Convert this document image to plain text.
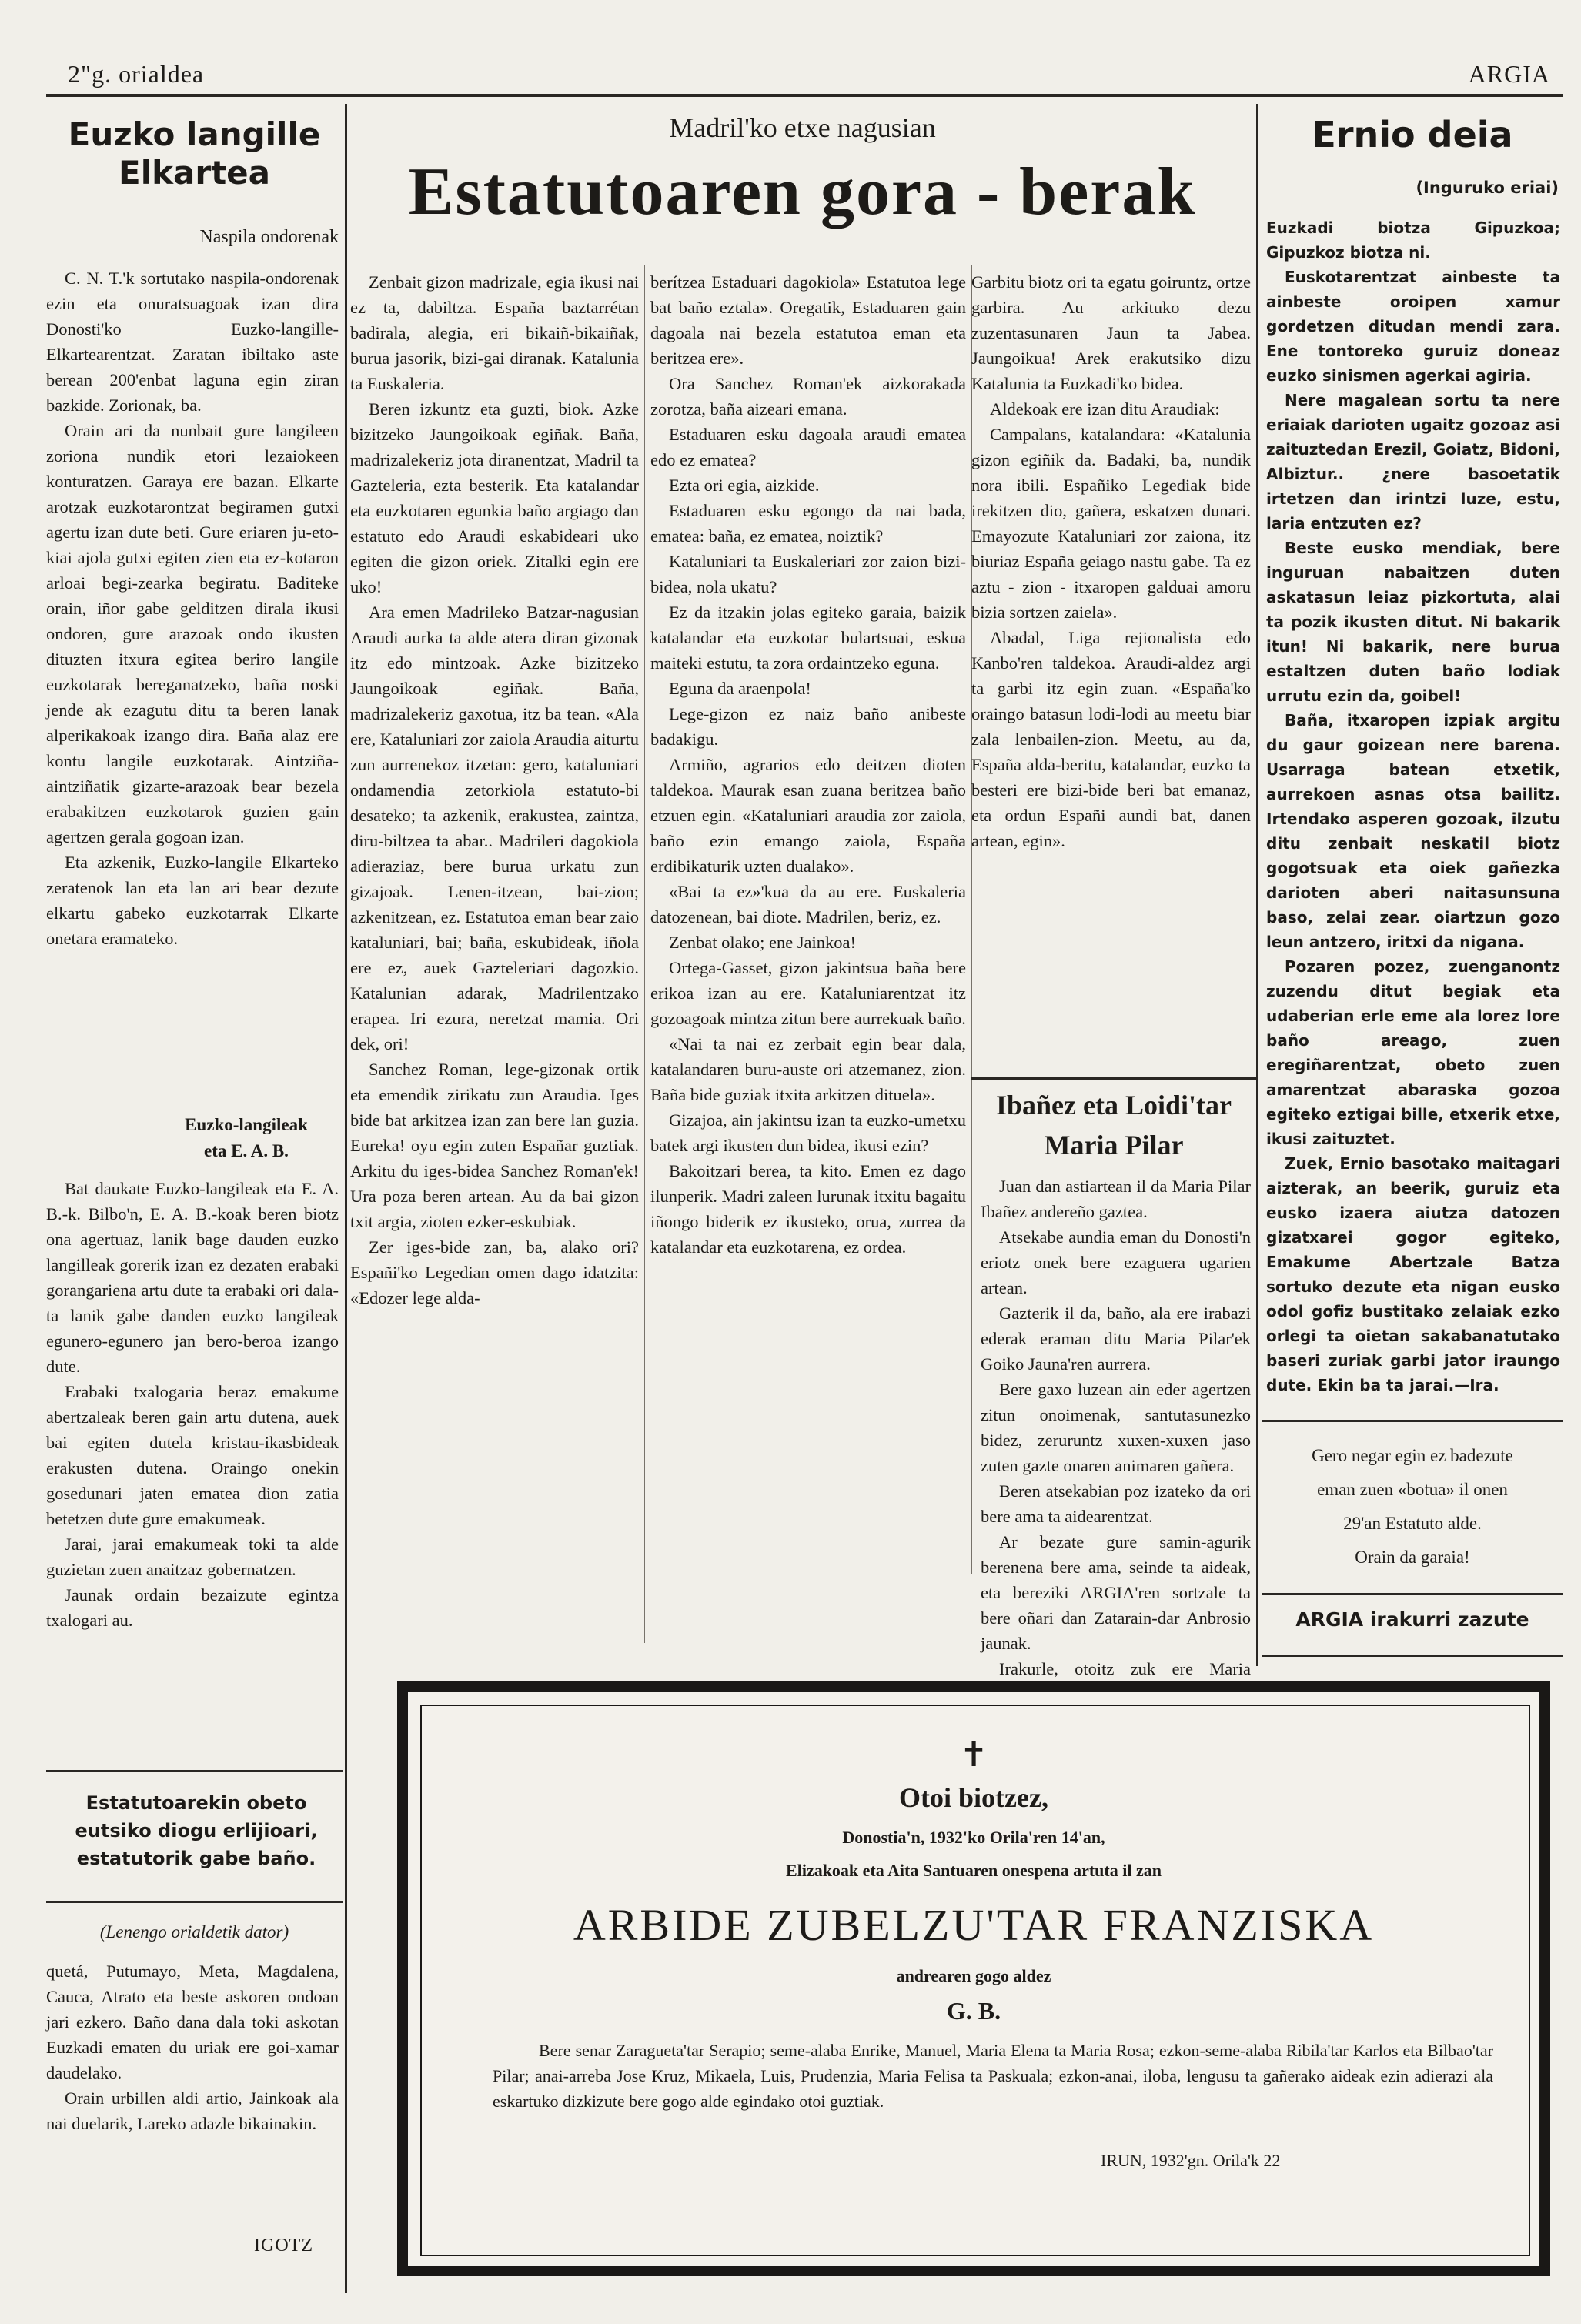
2"g. orialdea	ARGIA
Euzko langille
Elkartea
Naspila ondorenak

C. N. T.'k sortutako naspila-ondorenak ezin eta onuratsuagoak izan dira Donosti'ko Euzko-langille-Elkartearentzat. Zaratan ibiltako aste berean 200'enbat laguna egin ziran bazkide. Zorionak, ba.

Orain ari da nunbait gure langileen zoriona nundik etori lezaiokeen konturatzen. Garaya ere bazan. Elkarte arotzak euzkotarontzat begiramen gutxi agertu izan dute beti. Gure eriaren ju-eto-kiai ajola gutxi egiten zien eta ez-kotaron arloai begi-zearka begiratu. Baditeke orain, iñor gabe gelditzen dirala ikusi ondoren, gure arazoak ondo ikusten dituzten itxura egitea beriro langile euzkotarak bereganatzeko, baña noski jende ak ezagutu ditu ta beren lanak alperikakoak izango dira. Baña alaz ere kontu langile euzkotarak. Aintziña-aintziñatik gizarte-arazoak bear bezela erabakitzen euzkotarok guzien gain agertzen gerala gogoan izan.

Eta azkenik, Euzko-langile Elkarteko zeratenok lan eta lan ari bear dezute elkartu gabeko euzkotarrak Elkarte onetara eramateko.

Euzko-langileak
eta E. A. B.

Bat daukate Euzko-langileak eta E. A. B.-k. Bilbo'n, E. A. B.-koak beren biotz ona agertuaz, lanik bage dauden euzko langilleak gorerik izan ez dezaten erabaki gorangariena artu dute ta erabaki ori dala-ta lanik gabe danden euzko langileak egunero-egunero jan bero-beroa izango dute.

Erabaki txalogaria beraz emakume abertzaleak beren gain artu dutena, auek bai egiten dutela kristau-ikasbideak erakusten dutena. Oraingo onekin gosedunari jaten ematea dion zatia betetzen dute gure emakumeak.

Jarai, jarai emakumeak toki ta alde guzietan zuen anaitzaz gobernatzen.

Jaunak ordain bezaizute egintza txalogari au.

Estatutoarekin obeto eutsiko diogu erlijioari, estatutorik gabe baño.
(Lenengo orialdetik dator)

quetá, Putumayo, Meta, Magdalena, Cauca, Atrato eta beste askoren ondoan jari ezkero. Baño dana dala toki askotan Euzkadi ematen du uriak ere goi-xamar daudelako.

Orain urbillen aldi artio, Jainkoak ala nai duelarik, Lareko adazle bikainakin.

IGOTZ
Madril'ko etxe nagusian
Estatutoaren gora - berak

Zenbait gizon madrizale, egia ikusi nai ez ta, dabiltza. España baztarrétan badirala, alegia, eri bikaiñ-bikaiñak, burua jasorik, bizi-gai diranak. Katalunia ta Euskaleria.

Beren izkuntz eta guzti, biok. Azke bizitzeko Jaungoikoak egiñak. Baña, madrizalekeriz jota diranentzat, Madril ta Gazteleria, ezta besterik. Eta katalandar eta euzkotaren egunkia baño argiago dan estatuto edo Araudi eskabideari uko egiten die gizon oriek. Zitalki egin ere uko!

Ara emen Madrileko Batzar-nagusian Araudi aurka ta alde atera diran gizonak itz edo mintzoak. Azke bizitzeko Jaungoikoak egiñak. Baña, madrizalekeriz gaxotua, itz ba tean. «Ala ere, Kataluniari zor zaiola Araudia aiturtu zun aurrenekoz itzetan: gero, kataluniari ondamendia zetorkiola estatuto-bi desateko; ta azkenik, erakustea, zaintza, diru-biltzea ta abar.. Madrileri dagokiola adieraziaz, bere burua urkatu zun gizajoak. Lenen-itzean, bai-zion; azkenitzean, ez. Estatutoa eman bear zaio kataluniari, bai; baña, eskubideak, iñola ere ez, auek Gazteleriari dagozkio. Katalunian adarak, Madrilentzako erapea. Iri ezura, neretzat mamia. Ori dek, ori!

Sanchez Roman, lege-gizonak ortik eta emendik zirikatu zun Araudia. Iges bide bat arkitzea izan zan bere lan guzia. Eureka! oyu egin zuten Españar guztiak. Arkitu du iges-bidea Sanchez Roman'ek! Ura poza beren artean. Au da bai gizon txit argia, zioten ezker-eskubiak.

Zer iges-bide zan, ba, alako ori? Españi'ko Legedian omen dago idatzita: «Edozer lege alda-

berítzea Estaduari dagokiola» Estatutoa lege bat baño eztala». Oregatik, Estaduaren gain dagoala nai bezela estatutoa eman eta beritzea ere».

Ora Sanchez Roman'ek aizkorakada zorotza, baña aizeari emana.

Estaduaren esku dagoala araudi ematea edo ez ematea?

Ezta ori egia, aizkide.

Estaduaren esku egongo da nai bada, ematea: baña, ez ematea, noiztik?

Kataluniari ta Euskaleriari zor zaion bizi-bidea, nola ukatu?

Ez da itzakin jolas egiteko garaia, baizik katalandar eta euzkotar bulartsuai, eskua maiteki estutu, ta zora ordaintzeko eguna.

Eguna da araenpola!

Lege-gizon ez naiz baño anibeste badakigu.

Armiño, agrarios edo deitzen dioten taldekoa. Maurak esan zuana beritzea baño etzuen egin. «Kataluniari araudia zor zaiola, baño ezin emango zaiola, España erdibikaturik uzten dualako».

«Bai ta ez»'kua da au ere. Euskaleria datozenean, bai diote. Madrilen, beriz, ez.

Zenbat olako; ene Jainkoa!

Ortega-Gasset, gizon jakintsua baña bere erikoa izan au ere. Kataluniarentzat itz gozoagoak mintza zitun bere aurrekuak baño.

«Nai ta nai ez zerbait egin bear dala, katalandaren buru-auste ori atzemanez, zion. Baña bide guziak itxita arkitzen dituela».

Gizajoa, ain jakintsu izan ta euzko-umetxu batek argi ikusten dun bidea, ikusi ezin?

Bakoitzari berea, ta kito. Emen ez dago ilunperik. Madri zaleen lurunak itxitu bagaitu iñongo biderik ez ikusteko, orua, zurrea da katalandar eta euzkotarena, ez ordea.

Garbitu biotz ori ta egatu goiruntz, ortze garbira. Au arkituko dezu zuzentasunaren Jaun ta Jabea. Jaungoikua! Arek erakutsiko dizu Katalunia ta Euzkadi'ko bidea.

Aldekoak ere izan ditu Araudiak:

Campalans, katalandara: «Katalunia gizon egiñik da. Badaki, ba, nundik nora ibili. Españiko Legediak bide irekitzen dio, gañera, eskatzen dunari. Emayozute Kataluniari zor zaiona, itz biuriaz España geiago nastu gabe. Ta ez aztu - zion - itxaropen galduai amoru bizia sortzen zaiela».

Abadal, Liga rejionalista edo Kanbo'ren taldekoa. Araudi-aldez argi ta garbi itz egin zuan. «España'ko oraingo batasun lodi-lodi au meetu biar zala lenbailen-zion. Meetu, au da, España alda-beritu, katalandar, euzko ta besteri ere bizi-bide beri bat emanaz, eta ordun Españi aundi bat, danen artean, egin».

Ibañez eta Loidi'tar
Maria Pilar

Juan dan astiartean il da Maria Pilar Ibañez andereño gaztea.

Atsekabe aundia eman du Donosti'n eriotz onek bere ezaguera ugarien artean.

Gazterik il da, baño, ala ere irabazi ederak eraman ditu Maria Pilar'ek Goiko Jauna'ren aurrera.

Bere gaxo luzean ain eder agertzen zitun onoimenak, santutasunezko bidez, zeruruntz xuxen-xuxen jaso zuten gazte onaren animaren gañera.

Beren atsekabian poz izateko da ori bere ama ta aidearentzat.

Ar bezate gure samin-agurik berenena bere ama, seinde ta aideak, eta bereziki ARGIA'ren sortzale ta bere oñari dan Zatarain-dar Anbrosio jaunak.

Irakurle, otoitz zuk ere Maria

Ernio deia
(Inguruko eriai)

Euzkadi biotza Gipuzkoa; Gipuzkoz biotza ni.

Euskotarentzat ainbeste ta ainbeste oroipen xamur gordetzen ditudan mendi zara. Ene tontoreko guruiz doneaz euzko sinismen agerkai agiria.

Nere magalean sortu ta nere eriaiak darioten ugaitz gozoaz asi zaituztedan Erezil, Goiatz, Bidoni, Albiztur.. ¿nere basoetatik irtetzen dan irintzi luze, estu, laria entzuten ez?

Beste eusko mendiak, bere inguruan nabaitzen duten askatasun leiaz pizkortuta, alai ta pozik ikusten ditut. Ni bakarik itun! Ni bakarik, nere burua estaltzen duten baño lodiak urrutu ezin da, goibel!

Baña, itxaropen izpiak argitu du gaur goizean nere barena. Usarraga batean etxetik, aurrekoen asnas otsa bailitz. Irtendako asperen gozoak, ilzutu ditu zenbait neskatil biotz gogotsuak eta oiek gañezka darioten aberi naitasunsuna baso, zelai zear. oiartzun gozo leun antzero, iritxi da nigana.

Pozaren pozez, zuenganontz zuzendu ditut begiak eta udaberian erle eme ala lorez lore baño areago, zuen eregiñarentzat, obeto zuen amarentzat abaraska gozoa egiteko eztigai bille, etxerik etxe, ikusi zaituztet.

Zuek, Ernio basotako maitagari aizterak, an beerik, guruiz eta eusko izaera aiutza datozen gizatxarei gogor egiteko, Emakume Abertzale Batza sortuko dezute eta nigan eusko odol gofiz bustitako zelaiak ezko orlegi ta oietan sakabanatutako baseri zuriak garbi jator iraungo dute. Ekin ba ta jarai.—Ira.

Gero negar egin ez badezute
eman zuen «botua» il onen
29'an Estatuto alde.
Orain da garaia!
ARGIA irakurri zazute
✝
Otoi biotzez,
Donostia'n, 1932'ko Orila'ren 14'an,
Elizakoak eta Aita Santuaren onespena artuta il zan
ARBIDE ZUBELZU'TAR FRANZISKA
andrearen gogo aldez
G. B.
Bere senar Zaragueta'tar Serapio; seme-alaba Enrike, Manuel, Maria Elena ta Maria Rosa; ezkon-seme-alaba Ribila'tar Karlos eta Bilbao'tar Pilar; anai-arreba Jose Kruz, Mikaela, Luis, Prudenzia, Maria Felisa ta Paskuala; ezkon-anai, iloba, lengusu ta gañerako aideak ezin adierazi ala eskartuko dizkizute bere gogo alde egindako otoi guztiak.
IRUN, 1932'gn. Orila'k 22
